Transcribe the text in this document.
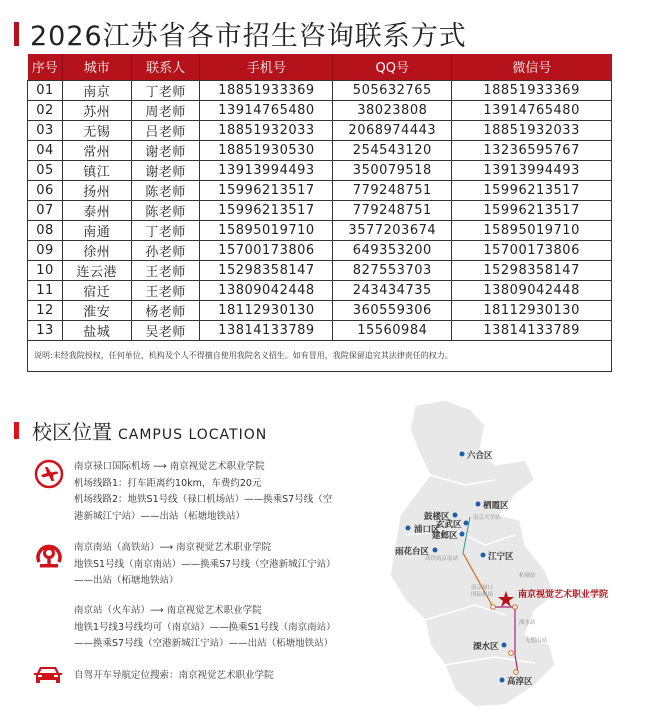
2026江苏省各市招生咨询联系方式
序号	城市	联系人	手机号	QQ号	微信号
01	南京	丁老师	18851933369	505632765	18851933369
02	苏州	周老师	13914765480	38023808	13914765480
03	无锡	吕老师	18851932033	2068974443	18851932033
04	常州	谢老师	18851930530	254543120	13236595767
05	镇江	谢老师	13913994493	350079518	13913994493
06	扬州	陈老师	15996213517	779248751	15996213517
07	泰州	陈老师	15996213517	779248751	15996213517
08	南通	丁老师	15895019710	3577203674	15895019710
09	徐州	孙老师	15700173806	649353200	15700173806
10	连云港	王老师	15298358147	827553703	15298358147
11	宿迁	王老师	13809042448	243434735	13809042448
12	淮安	杨老师	18112930130	360559306	18112930130
13	盐城	吴老师	13814133789	15560984	13814133789
说明:未经我院授权，任何单位、机构及个人不得擅自使用我院名义招生。如有冒用，我院保留追究其法律责任的权力。					
校区位置 CAMPUS LOCATION
南京禄口国际机场 ⟶ 南京视觉艺术职业学院
机场线路1：打车距离约10km，车费约20元
机场线路2：地铁S1号线（禄口机场站）——换乘S7号线（空
港新城江宁站）——出站（柘塘地铁站）
南京南站（高铁站）⟶ 南京视觉艺术职业学院
地铁S1号线（南京南站）——换乘S7号线（空港新城江宁站）
——出站（柘塘地铁站）
南京站（火车站）⟶ 南京视觉艺术职业学院
地铁1号线3号线均可（南京站）——换乘S1号线（南京南站）
——换乘S7号线（空港新城江宁站）——出站（柘塘地铁站）
自驾开车导航定位搜索：南京视觉艺术职业学院
六合区
栖霞区
鼓楼区
玄武区
浦口区
建邺区
雨花台区	江宁区
溧水区
高淳区
南京大学站
高铁南京南站
柘塘站
南京禄口国际机场
溧水站
无想山站
南京视觉艺术职业学院
